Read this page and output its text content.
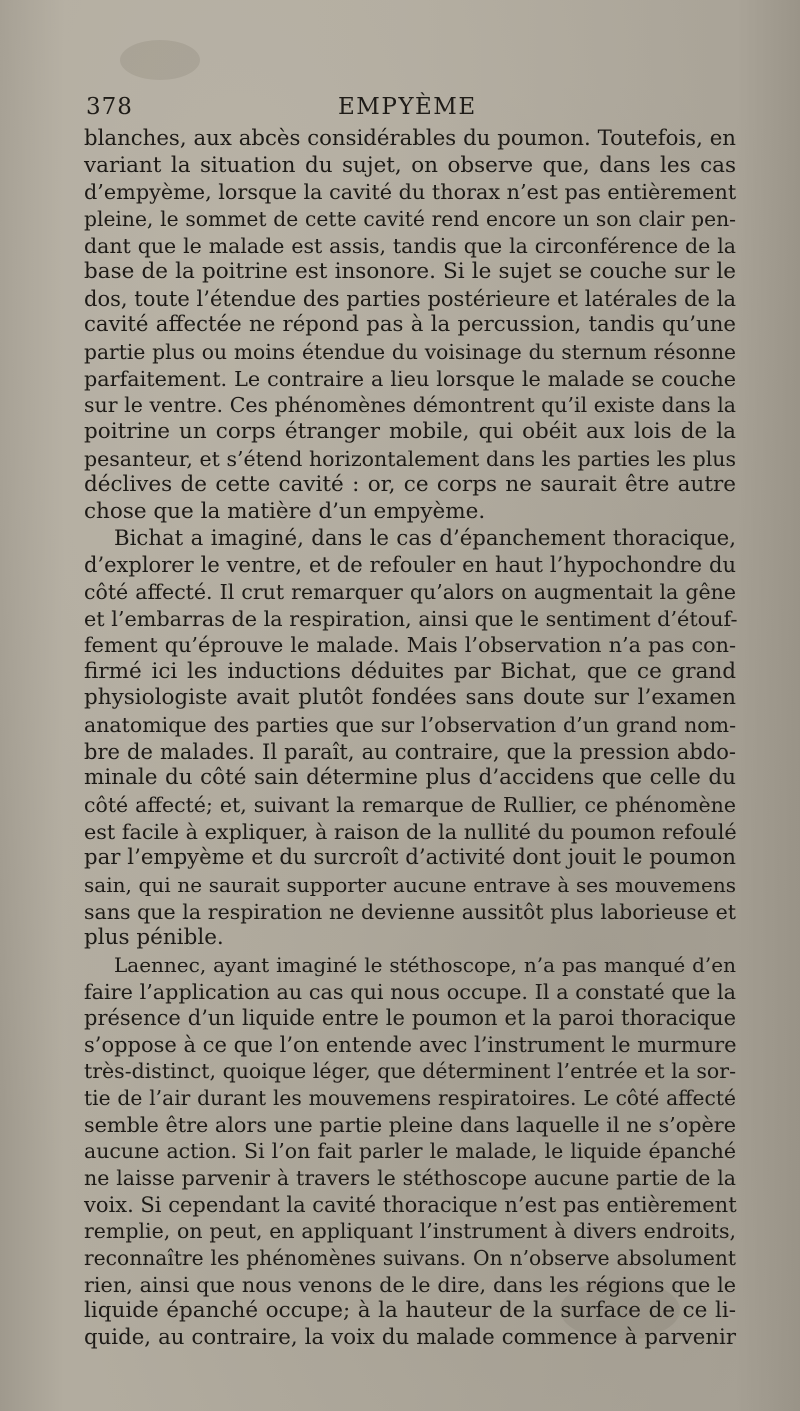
378	EMPYÈME
blanches, aux abcès considérables du poumon. Toutefois, en
variant la situation du sujet, on observe que, dans les cas
d’empyème, lorsque la cavité du thorax n’est pas entièrement
pleine, le sommet de cette cavité rend encore un son clair pen-
dant que le malade est assis, tandis que la circonférence de la
base de la poitrine est insonore. Si le sujet se couche sur le
dos, toute l’étendue des parties postérieure et latérales de la
cavité affectée ne répond pas à la percussion, tandis qu’une
partie plus ou moins étendue du voisinage du sternum résonne
parfaitement. Le contraire a lieu lorsque le malade se couche
sur le ventre. Ces phénomènes démontrent qu’il existe dans la
poitrine un corps étranger mobile, qui obéit aux lois de la
pesanteur, et s’étend horizontalement dans les parties les plus
déclives de cette cavité : or, ce corps ne saurait être autre
chose que la matière d’un empyème.
Bichat a imaginé, dans le cas d’épanchement thoracique,
d’explorer le ventre, et de refouler en haut l’hypochondre du
côté affecté. Il crut remarquer qu’alors on augmentait la gêne
et l’embarras de la respiration, ainsi que le sentiment d’étouf-
fement qu’éprouve le malade. Mais l’observation n’a pas con-
firmé ici les inductions déduites par Bichat, que ce grand
physiologiste avait plutôt fondées sans doute sur l’examen
anatomique des parties que sur l’observation d’un grand nom-
bre de malades. Il paraît, au contraire, que la pression abdo-
minale du côté sain détermine plus d’accidens que celle du
côté affecté; et, suivant la remarque de Rullier, ce phénomène
est facile à expliquer, à raison de la nullité du poumon refoulé
par l’empyème et du surcroît d’activité dont jouit le poumon
sain, qui ne saurait supporter aucune entrave à ses mouvemens
sans que la respiration ne devienne aussitôt plus laborieuse et
plus pénible.
Laennec, ayant imaginé le stéthoscope, n’a pas manqué d’en
faire l’application au cas qui nous occupe. Il a constaté que la
présence d’un liquide entre le poumon et la paroi thoracique
s’oppose à ce que l’on entende avec l’instrument le murmure
très-distinct, quoique léger, que déterminent l’entrée et la sor-
tie de l’air durant les mouvemens respiratoires. Le côté affecté
semble être alors une partie pleine dans laquelle il ne s’opère
aucune action. Si l’on fait parler le malade, le liquide épanché
ne laisse parvenir à travers le stéthoscope aucune partie de la
voix. Si cependant la cavité thoracique n’est pas entièrement
remplie, on peut, en appliquant l’instrument à divers endroits,
reconnaître les phénomènes suivans. On n’observe absolument
rien, ainsi que nous venons de le dire, dans les régions que le
liquide épanché occupe; à la hauteur de la surface de ce li-
quide, au contraire, la voix du malade commence à parvenir
